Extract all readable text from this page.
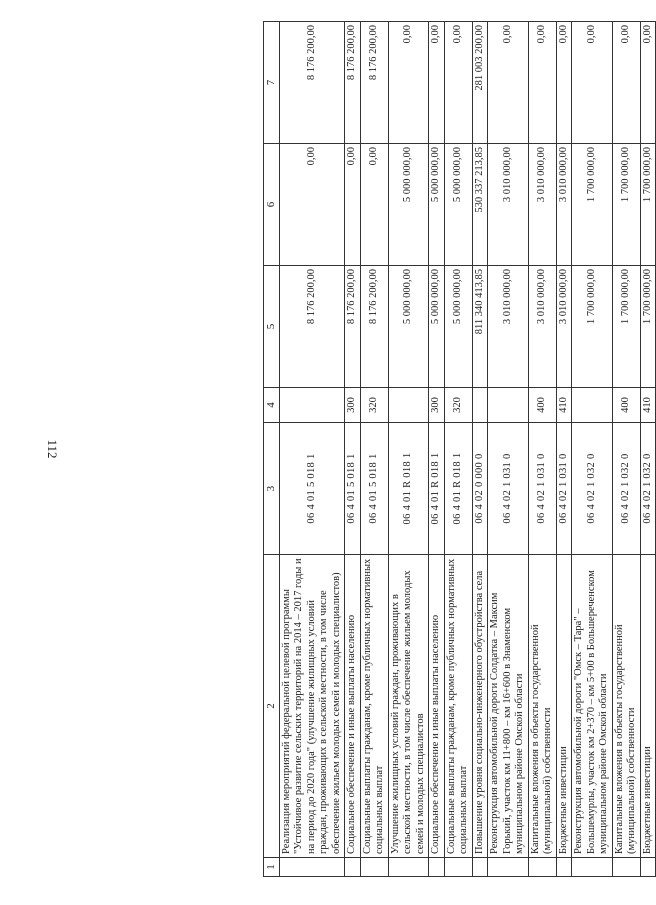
112
1	2	3	4	5	6	7
	Реализация мероприятий федеральной целевой программы "Устойчивое развитие сельских территорий на 2014 – 2017 годы и на период до 2020 года" (улучшение жилищных условий граждан, проживающих в сельской местности, в том числе обеспечение жильем молодых семей и молодых специалистов)	06 4 01 5 018 1		8 176 200,00	0,00	8 176 200,00
	Социальное обеспечение и иные выплаты населению	06 4 01 5 018 1	300	8 176 200,00	0,00	8 176 200,00
	Социальные выплаты гражданам, кроме публичных нормативных социальных выплат	06 4 01 5 018 1	320	8 176 200,00	0,00	8 176 200,00
	Улучшение жилищных условий граждан, проживающих в сельской местности, в том числе обеспечение жильем молодых семей и молодых специалистов	06 4 01 R 018 1		5 000 000,00	5 000 000,00	0,00
	Социальное обеспечение и иные выплаты населению	06 4 01 R 018 1	300	5 000 000,00	5 000 000,00	0,00
	Социальные выплаты гражданам, кроме публичных нормативных социальных выплат	06 4 01 R 018 1	320	5 000 000,00	5 000 000,00	0,00
	Повышение уровня социально-инженерного обустройства села	06 4 02 0 000 0		811 340 413,85	530 337 213,85	281 003 200,00
	Реконструкция автомобильной дороги Солдатка – Максим Горький, участок км 11+800 – км 16+600 в Знаменском муниципальном районе Омской области	06 4 02 1 031 0		3 010 000,00	3 010 000,00	0,00
	Капитальные вложения в объекты государственной (муниципальной) собственности	06 4 02 1 031 0	400	3 010 000,00	3 010 000,00	0,00
	Бюджетные инвестиции	06 4 02 1 031 0	410	3 010 000,00	3 010 000,00	0,00
	Реконструкция автомобильной дороги "Омск – Тара" – Большемурлы, участок км 2+370 – км 5+00 в Большереченском муниципальном районе Омской области	06 4 02 1 032 0		1 700 000,00	1 700 000,00	0,00
	Капитальные вложения в объекты государственной (муниципальной) собственности	06 4 02 1 032 0	400	1 700 000,00	1 700 000,00	0,00
	Бюджетные инвестиции	06 4 02 1 032 0	410	1 700 000,00	1 700 000,00	0,00
